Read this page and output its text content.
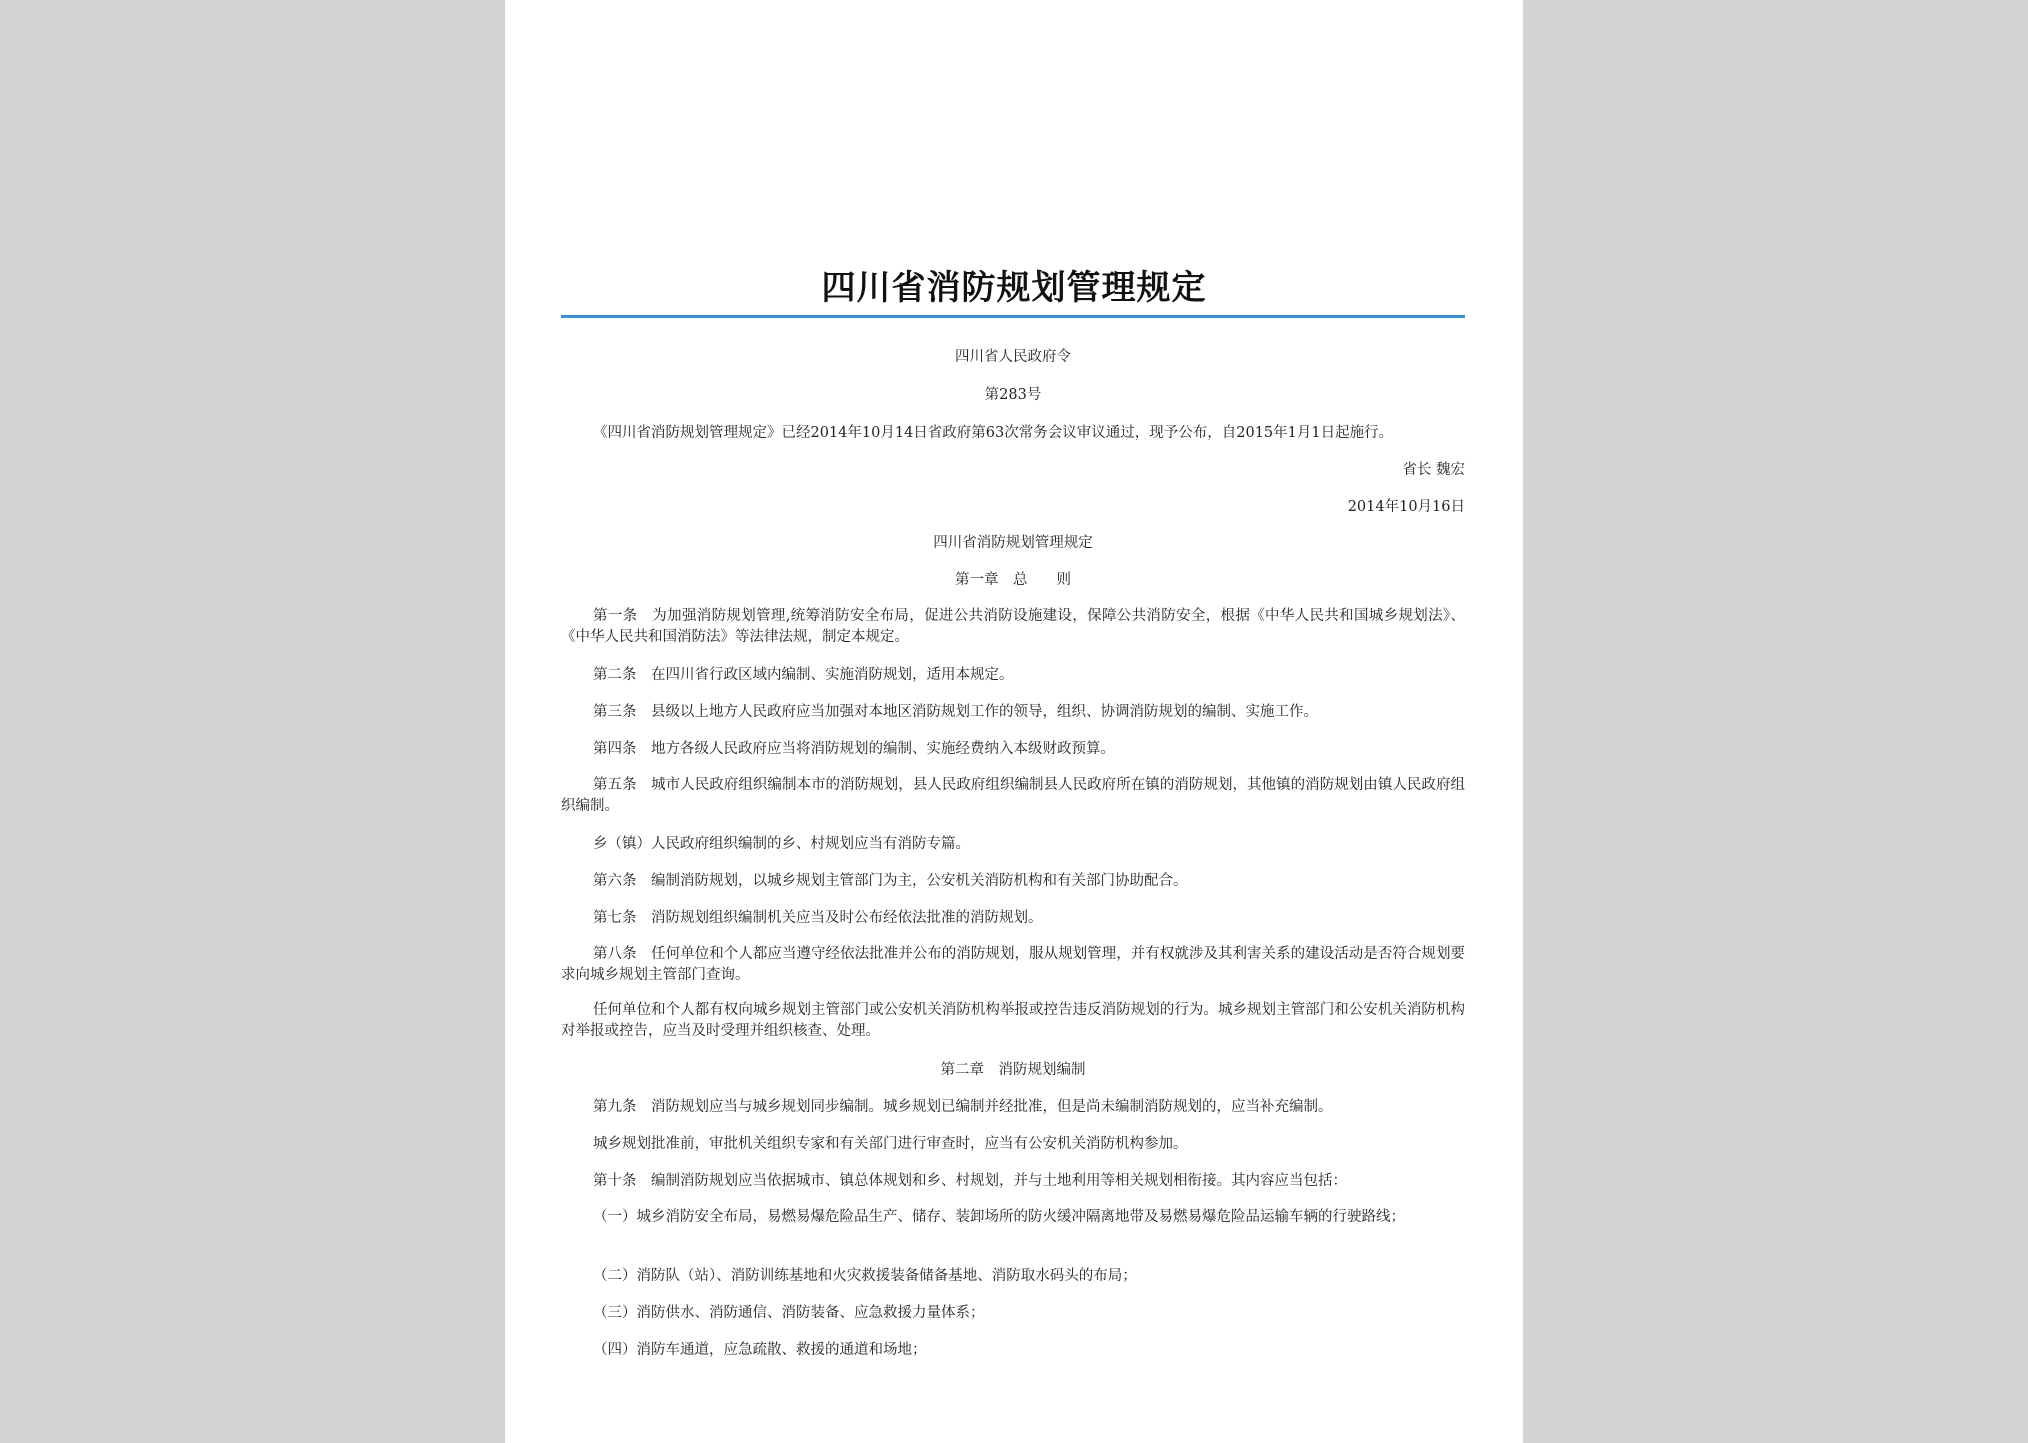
四川省消防规划管理规定
四川省人民政府令
第283号
《四川省消防规划管理规定》已经2014年10月14日省政府第63次常务会议审议通过，现予公布，自2015年1月1日起施行。
省长 魏宏
2014年10月16日
四川省消防规划管理规定
第一章　总　　则
第一条　为加强消防规划管理,统筹消防安全布局，促进公共消防设施建设，保障公共消防安全，根据《中华人民共和国城乡规划法》、《中华人民共和国消防法》等法律法规，制定本规定。
第二条　在四川省行政区域内编制、实施消防规划，适用本规定。
第三条　县级以上地方人民政府应当加强对本地区消防规划工作的领导，组织、协调消防规划的编制、实施工作。
第四条　地方各级人民政府应当将消防规划的编制、实施经费纳入本级财政预算。
第五条　城市人民政府组织编制本市的消防规划，县人民政府组织编制县人民政府所在镇的消防规划，其他镇的消防规划由镇人民政府组织编制。
乡（镇）人民政府组织编制的乡、村规划应当有消防专篇。
第六条　编制消防规划，以城乡规划主管部门为主，公安机关消防机构和有关部门协助配合。
第七条　消防规划组织编制机关应当及时公布经依法批准的消防规划。
第八条　任何单位和个人都应当遵守经依法批准并公布的消防规划，服从规划管理，并有权就涉及其利害关系的建设活动是否符合规划要求向城乡规划主管部门查询。
任何单位和个人都有权向城乡规划主管部门或公安机关消防机构举报或控告违反消防规划的行为。城乡规划主管部门和公安机关消防机构对举报或控告，应当及时受理并组织核查、处理。
第二章　消防规划编制
第九条　消防规划应当与城乡规划同步编制。城乡规划已编制并经批准，但是尚未编制消防规划的，应当补充编制。
城乡规划批准前，审批机关组织专家和有关部门进行审查时，应当有公安机关消防机构参加。
第十条　编制消防规划应当依据城市、镇总体规划和乡、村规划，并与土地利用等相关规划相衔接。其内容应当包括：
（一）城乡消防安全布局，易燃易爆危险品生产、储存、装卸场所的防火缓冲隔离地带及易燃易爆危险品运输车辆的行驶路线；
（二）消防队（站）、消防训练基地和火灾救援装备储备基地、消防取水码头的布局；
（三）消防供水、消防通信、消防装备、应急救援力量体系；
（四）消防车通道，应急疏散、救援的通道和场地；
